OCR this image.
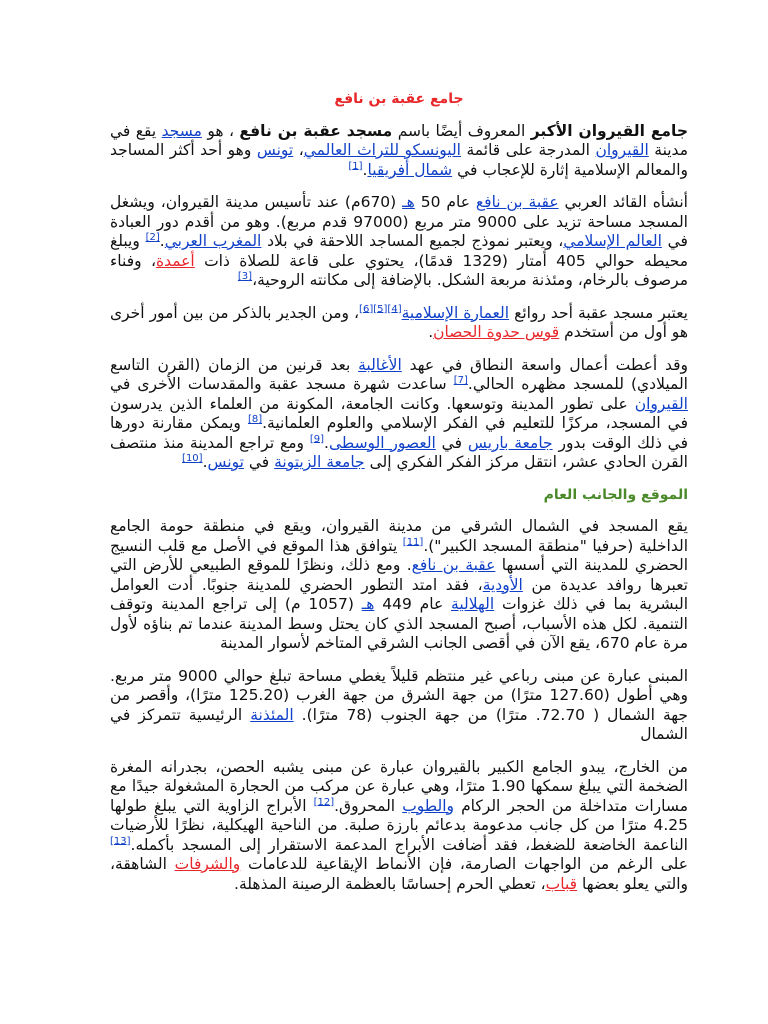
جامع عقبة بن نافع

جامع القيروان الأكبر المعروف أيضًا باسم مسجد عقبة بن نافع ، هو مسجد يقع في مدينة القيروان المدرجة على قائمة اليونسكو للتراث العالمي، تونس وهو أحد أكثر المساجد والمعالم الإسلامية إثارة للإعجاب في شمال أفريقيا.[1]

أنشأه القائد العربي عقبة بن نافع عام 50 هـ (670م) عند تأسيس مدينة القيروان، ويشغل المسجد مساحة تزيد على 9000 متر مربع (97000 قدم مربع). وهو من أقدم دور العبادة في العالم الإسلامي، ويعتبر نموذج لجميع المساجد اللاحقة في بلاد المغرب العربي.[2] ويبلغ محيطه حوالي 405 أمتار (1329 قدمًا)، يحتوي على قاعة للصلاة ذات أعمدة، وفناء مرصوف بالرخام، ومئذنة مربعة الشكل. بالإضافة إلى مكانته الروحية،[3]

يعتبر مسجد عقبة أحد روائع العمارة الإسلامية[4][5][6]، ومن الجدير بالذكر من بين أمور أخرى هو أول من أستخدم قوس حدوة الحصان.

وقد أعطت أعمال واسعة النطاق في عهد الأغالبة بعد قرنين من الزمان (القرن التاسع الميلادي) للمسجد مظهره الحالي.[7] ساعدت شهرة مسجد عقبة والمقدسات الأخرى في القيروان على تطور المدينة وتوسعها. وكانت الجامعة، المكونة من العلماء الذين يدرسون في المسجد، مركزًا للتعليم في الفكر الإسلامي والعلوم العلمانية.[8] ويمكن مقارنة دورها في ذلك الوقت بدور جامعة باريس في العصور الوسطى.[9] ومع تراجع المدينة منذ منتصف القرن الحادي عشر، انتقل مركز الفكر الفكري إلى جامعة الزيتونة في تونس.[10]

الموقع والجانب العام

يقع المسجد في الشمال الشرقي من مدينة القيروان، ويقع في منطقة حومة الجامع الداخلية (حرفيا "منطقة المسجد الكبير").[11] يتوافق هذا الموقع في الأصل مع قلب النسيج الحضري للمدينة التي أسسها عقبة بن نافع. ومع ذلك، ونظرًا للموقع الطبيعي للأرض التي تعبرها روافد عديدة من الأودية، فقد امتد التطور الحضري للمدينة جنوبًا. أدت العوامل البشرية بما في ذلك غزوات الهلالية عام 449 هـ (1057 م) إلى تراجع المدينة وتوقف التنمية. لكل هذه الأسباب، أصبح المسجد الذي كان يحتل وسط المدينة عندما تم بناؤه لأول مرة عام 670، يقع الآن في أقصى الجانب الشرقي المتاخم لأسوار المدينة

المبنى عبارة عن مبنى رباعي غير منتظم قليلاً يغطي مساحة تبلغ حوالي 9000 متر مربع. وهي أطول (127.60 مترًا) من جهة الشرق من جهة الغرب (125.20 مترًا)، وأقصر من جهة الشمال ( 72.70. مترًا) من جهة الجنوب (78 مترًا). المئذنة الرئيسية تتمركز في الشمال

من الخارج، يبدو الجامع الكبير بالقيروان عبارة عن مبنى يشبه الحصن، بجدرانه المغرة الضخمة التي يبلغ سمكها 1.90 مترًا، وهي عبارة عن مركب من الحجارة المشغولة جيدًا مع مسارات متداخلة من الحجر الركام والطوب المحروق.[12] الأبراج الزاوية التي يبلغ طولها 4.25 مترًا من كل جانب مدعومة بدعائم بارزة صلبة. من الناحية الهيكلية، نظرًا للأرضيات الناعمة الخاضعة للضغط، فقد أضافت الأبراج المدعمة الاستقرار إلى المسجد بأكمله.[13] على الرغم من الواجهات الصارمة، فإن الأنماط الإيقاعية للدعامات والشرفات الشاهقة، والتي يعلو بعضها قباب، تعطي الحرم إحساسًا بالعظمة الرصينة المذهلة.
